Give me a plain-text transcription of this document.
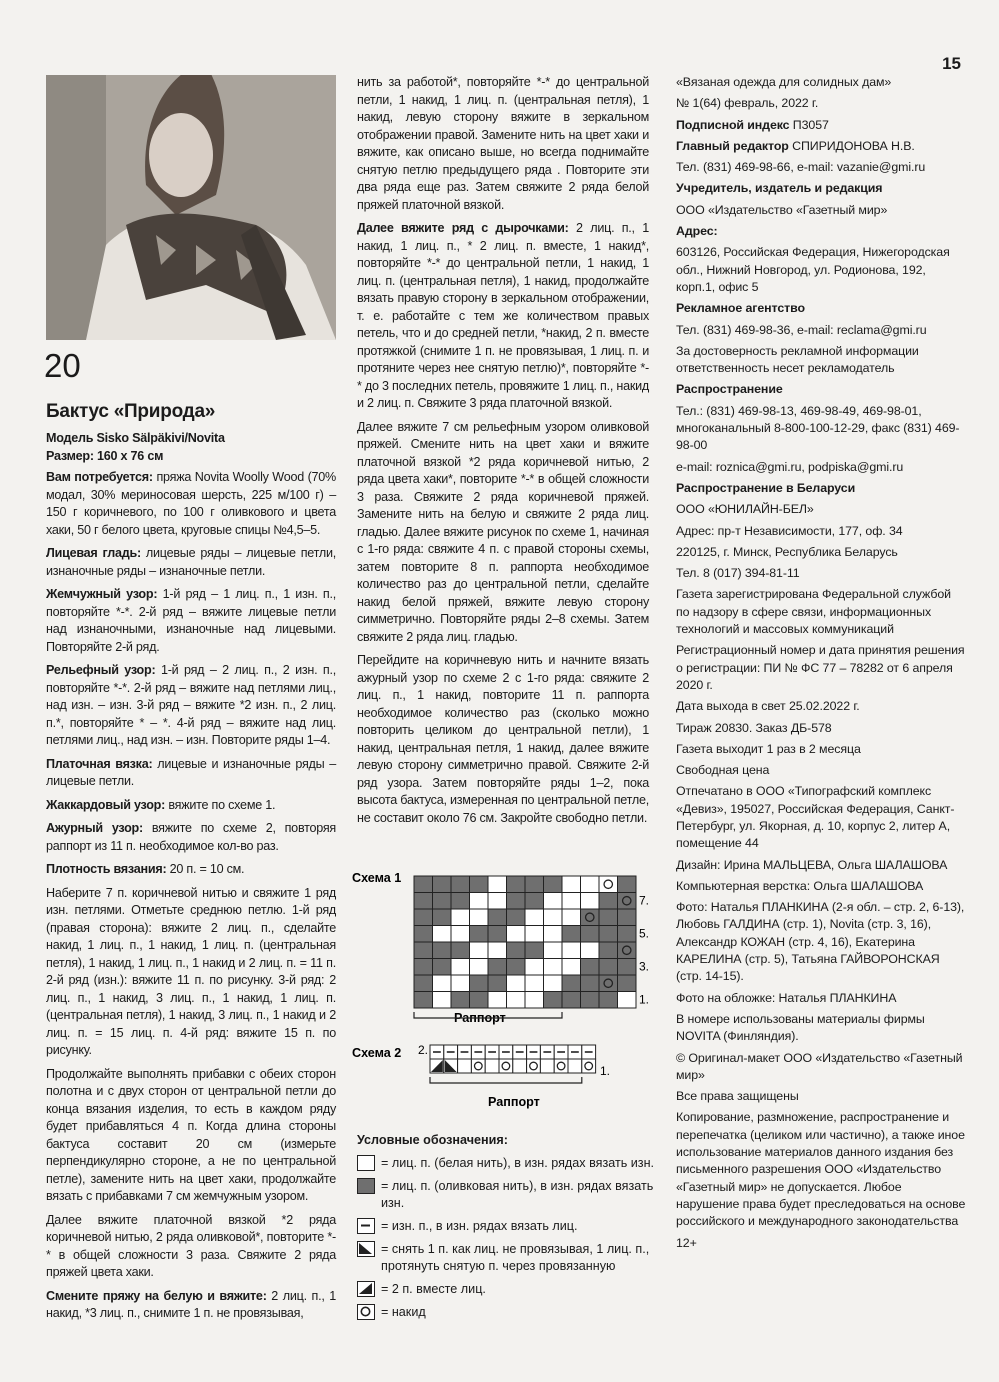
15
20

Бактус «Природа»

Модель Sisko Sälpäkivi/Novita

Размер: 160 х 76 см

Вам потребуется: пряжа Novita Woolly Wood (70% модал, 30% мериносовая шерсть, 225 м/100 г) – 150 г коричневого, по 100 г оливкового и цвета хаки, 50 г белого цвета, круговые спицы №4,5–5.

Лицевая гладь: лицевые ряды – лицевые петли, изнаночные ряды – изнаночные петли.

Жемчужный узор: 1-й ряд – 1 лиц. п., 1 изн. п., повторяйте *-*. 2-й ряд – вяжите лицевые петли над изнаночными, изнаночные над лицевыми. Повторяйте 2-й ряд.

Рельефный узор: 1-й ряд – 2 лиц. п., 2 изн. п., повторяйте *-*. 2-й ряд – вяжите над петлями лиц., над изн. – изн. 3-й ряд – вяжите *2 изн. п., 2 лиц. п.*, повторяйте * – *. 4-й ряд – вяжите над лиц. петлями лиц., над изн. – изн. Повторите ряды 1–4.

Платочная вязка: лицевые и изнаночные ряды – лицевые петли.

Жаккардовый узор: вяжите по схеме 1.

Ажурный узор: вяжите по схеме 2, повторяя раппорт из 11 п. необходимое кол-во раз.

Плотность вязания: 20 п. = 10 см.

Наберите 7 п. коричневой нитью и свяжите 1 ряд изн. петлями. Отметьте среднюю петлю. 1-й ряд (правая сторона): вяжите 2 лиц. п., сделайте накид, 1 лиц. п., 1 накид, 1 лиц. п. (центральная петля), 1 накид, 1 лиц. п., 1 накид и 2 лиц. п. = 11 п. 2-й ряд (изн.): вяжите 11 п. по рисунку. 3-й ряд: 2 лиц. п., 1 накид, 3 лиц. п., 1 накид, 1 лиц. п. (центральная петля), 1 накид, 3 лиц. п., 1 накид и 2 лиц. п. = 15 лиц. п. 4-й ряд: вяжите 15 п. по рисунку.

Продолжайте выполнять прибавки с обеих сторон полотна и с двух сторон от центральной петли до конца вязания изделия, то есть в каждом ряду будет прибавляться 4 п. Когда длина стороны бактуса составит 20 см (измерьте перпендикулярно стороне, а не по центральной петле), замените нить на цвет хаки, продолжайте вязать с прибавками 7 см жемчужным узором.

Далее вяжите платочной вязкой *2 ряда коричневой нитью, 2 ряда оливковой*, повторите *-* в общей сложности 3 раза. Свяжите 2 ряда пряжей цвета хаки.

Смените пряжу на белую и вяжите: 2 лиц. п., 1 накид, *3 лиц. п., снимите 1 п. не провязывая,

нить за работой*, повторяйте *-* до центральной петли, 1 накид, 1 лиц. п. (центральная петля), 1 накид, левую сторону вяжите в зеркальном отображении правой. Замените нить на цвет хаки и вяжите, как описано выше, но всегда поднимайте снятую петлю предыдущего ряда . Повторите эти два ряда еще раз. Затем свяжите 2 ряда белой пряжей платочной вязкой.

Далее вяжите ряд с дырочками: 2 лиц. п., 1 накид, 1 лиц. п., * 2 лиц. п. вместе, 1 накид*, повторяйте *-* до центральной петли, 1 накид, 1 лиц. п. (центральная петля), 1 накид, продолжайте вязать правую сторону в зеркальном отображении, т. е. работайте с тем же количеством правых петель, что и до средней петли, *накид, 2 п. вместе протяжкой (снимите 1 п. не провязывая, 1 лиц. п. и протяните через нее снятую петлю)*, повторяйте *-* до 3 последних петель, провяжите 1 лиц. п., накид и 2 лиц. п. Свяжите 3 ряда платочной вязкой.

Далее вяжите 7 см рельефным узором оливковой пряжей. Смените нить на цвет хаки и вяжите платочной вязкой *2 ряда коричневой нитью, 2 ряда цвета хаки*, повторите *-* в общей сложности 3 раза. Свяжите 2 ряда коричневой пряжей. Замените нить на белую и свяжите 2 ряда лиц. гладью. Далее вяжите рисунок по схеме 1, начиная с 1-го ряда: свяжите 4 п. с правой стороны схемы, затем повторите 8 п. раппорта необходимое количество раз до центральной петли, сделайте накид белой пряжей, вяжите левую сторону симметрично. Повторяйте ряды 2–8 схемы. Затем свяжите 2 ряда лиц. гладью.

Перейдите на коричневую нить и начните вязать ажурный узор по схеме 2 с 1-го ряда: свяжите 2 лиц. п., 1 накид, повторите 11 п. раппорта необходимое количество раз (сколько можно повторить целиком до центральной петли), 1 накид, центральная петля, 1 накид, далее вяжите левую сторону симметрично правой. Свяжите 2-й ряд узора. Затем повторяйте ряды 1–2, пока высота бактуса, измеренная по центральной петле, не составит около 76 см. Закройте свободно петли.

Схема 1
Раппорт
1.
3.
5.
7.
Схема 2 2.
1.
Раппорт
Условные обозначения:
= лиц. п. (белая нить), в изн. рядах вязать изн.
= лиц. п. (оливковая нить), в изн. рядах вязать изн.
= изн. п., в изн. рядах вязать лиц.
= снять 1 п. как лиц. не провязывая, 1 лиц. п., протянуть снятую п. через провязанную
= 2 п. вместе лиц.
= накид

«Вязаная одежда для солидных дам»

№ 1(64) февраль, 2022 г.

Подписной индекс П3057

Главный редактор СПИРИДОНОВА Н.В.

Тел. (831) 469-98-66, e-mail: vazanie@gmi.ru

Учредитель, издатель и редакция

ООО «Издательство «Газетный мир»

Адрес:

603126, Российская Федерация, Нижегородская обл., Нижний Новгород, ул. Родионова, 192, корп.1, офис 5

Рекламное агентство

Тел. (831) 469-98-36, e-mail: reclama@gmi.ru

За достоверность рекламной информации ответственность несет рекламодатель

Распространение

Тел.: (831) 469-98-13, 469-98-49, 469-98-01, многоканальный 8-800-100-12-29, факс (831) 469-98-00

e-mail: roznica@gmi.ru, podpiska@gmi.ru

Распространение в Беларуси

ООО «ЮНИЛАЙН-БЕЛ»

Адрес: пр-т Независимости, 177, оф. 34

220125, г. Минск, Республика Беларусь

Тел. 8 (017) 394-81-11

Газета зарегистрирована Федеральной службой по надзору в сфере связи, информационных технологий и массовых коммуникаций

Регистрационный номер и дата принятия решения о регистрации: ПИ № ФС 77 – 78282 от 6 апреля 2020 г.

Дата выхода в свет 25.02.2022 г.

Тираж 20830. Заказ ДБ-578

Газета выходит 1 раз в 2 месяца

Свободная цена

Отпечатано в ООО «Типографский комплекс «Девиз», 195027, Российская Федерация, Санкт-Петербург, ул. Якорная, д. 10, корпус 2, литер А, помещение 44

Дизайн: Ирина МАЛЬЦЕВА, Ольга ШАЛАШОВА

Компьютерная верстка: Ольга ШАЛАШОВА

Фото: Наталья ПЛАНКИНА (2-я обл. – стр. 2, 6-13), Любовь ГАЛДИНА (стр. 1), Novita (стр. 3, 16), Александр КОЖАН (стр. 4, 16), Екатерина КАРЕЛИНА (стр. 5), Татьяна ГАЙВОРОНСКАЯ (стр. 14-15).

Фото на обложке: Наталья ПЛАНКИНА

В номере использованы материалы фирмы NOVITA (Финляндия).

© Оригинал-макет ООО «Издательство «Газетный мир»

Все права защищены

Копирование, размножение, распространение и перепечатка (целиком или частично), а также иное использование материалов данного издания без письменного разрешения ООО «Издательство «Газетный мир» не допускается. Любое нарушение права будет преследоваться на основе российского и международного законодательства

12+
